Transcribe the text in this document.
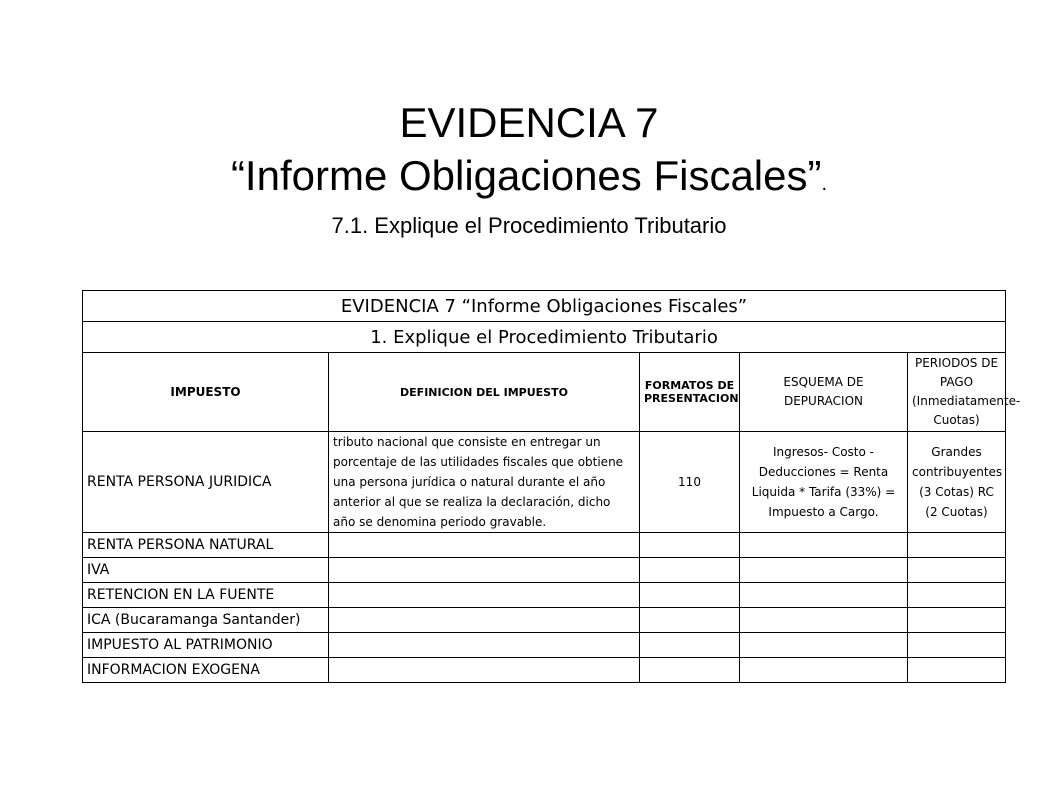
EVIDENCIA 7
“Informe Obligaciones Fiscales”.
7.1. Explique el Procedimiento Tributario
EVIDENCIA 7 “Informe Obligaciones Fiscales”				
1. Explique el Procedimiento Tributario				
IMPUESTO	DEFINICION DEL IMPUESTO	FORMATOS DE PRESENTACION	ESQUEMA DE DEPURACION	PERIODOS DE PAGO (Inmediatamente- Cuotas)
RENTA PERSONA JURIDICA	tributo nacional que consiste en entregar un porcentaje de las utilidades fiscales que obtiene una persona jurídica o natural durante el año anterior al que se realiza la declaración, dicho año se denomina periodo gravable.	110	Ingresos- Costo - Deducciones = Renta Liquida * Tarifa (33%) = Impuesto a Cargo.	Grandes contribuyentes (3 Cotas) RC (2 Cuotas)
RENTA PERSONA NATURAL				
IVA				
RETENCION EN LA FUENTE				
ICA (Bucaramanga Santander)				
IMPUESTO AL PATRIMONIO				
INFORMACION EXOGENA				
